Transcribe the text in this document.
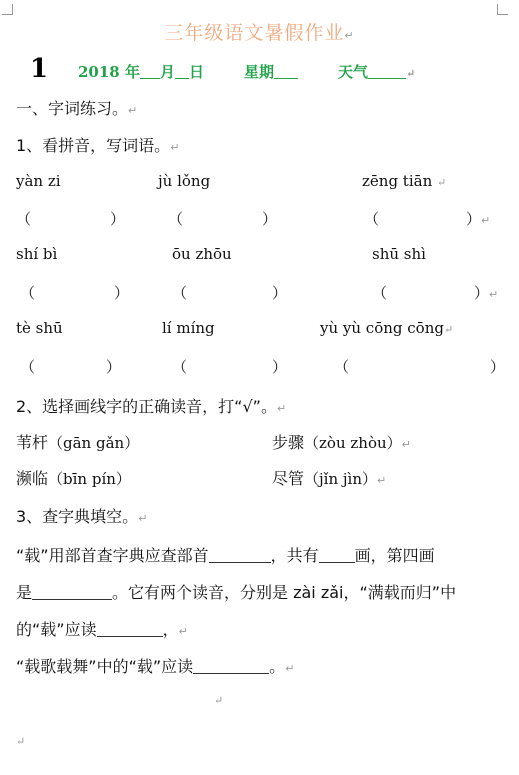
三年级语文暑假作业↵
1 2018 年 月 日	星期	天气	↵
一、字词练习。↵
1、看拼音，写词语。↵
yàn zi	jù lǒng	zēng tiān ↵
（	）	（	）	（	）↵
shí bì	ōu zhōu	shū shì
（	）	（	）	（	）↵
tè shū	lí míng	yù yù cōng cōng↵
（	）	（	）	（	）
2、选择画线字的正确读音，打“√”。↵
苇杆（gān gǎn）	步骤（zòu zhòu）↵
濒临（bīn pín）	尽管（jǐn jìn）↵
3、查字典填空。↵
“载”用部首查字典应查部首	，共有 画，第四画
是	。它有两个读音，分别是 zài zǎi，“满载而归”中
的“载”应读	，↵
“载歌载舞”中的“载”应读	。↵
↵
↵
